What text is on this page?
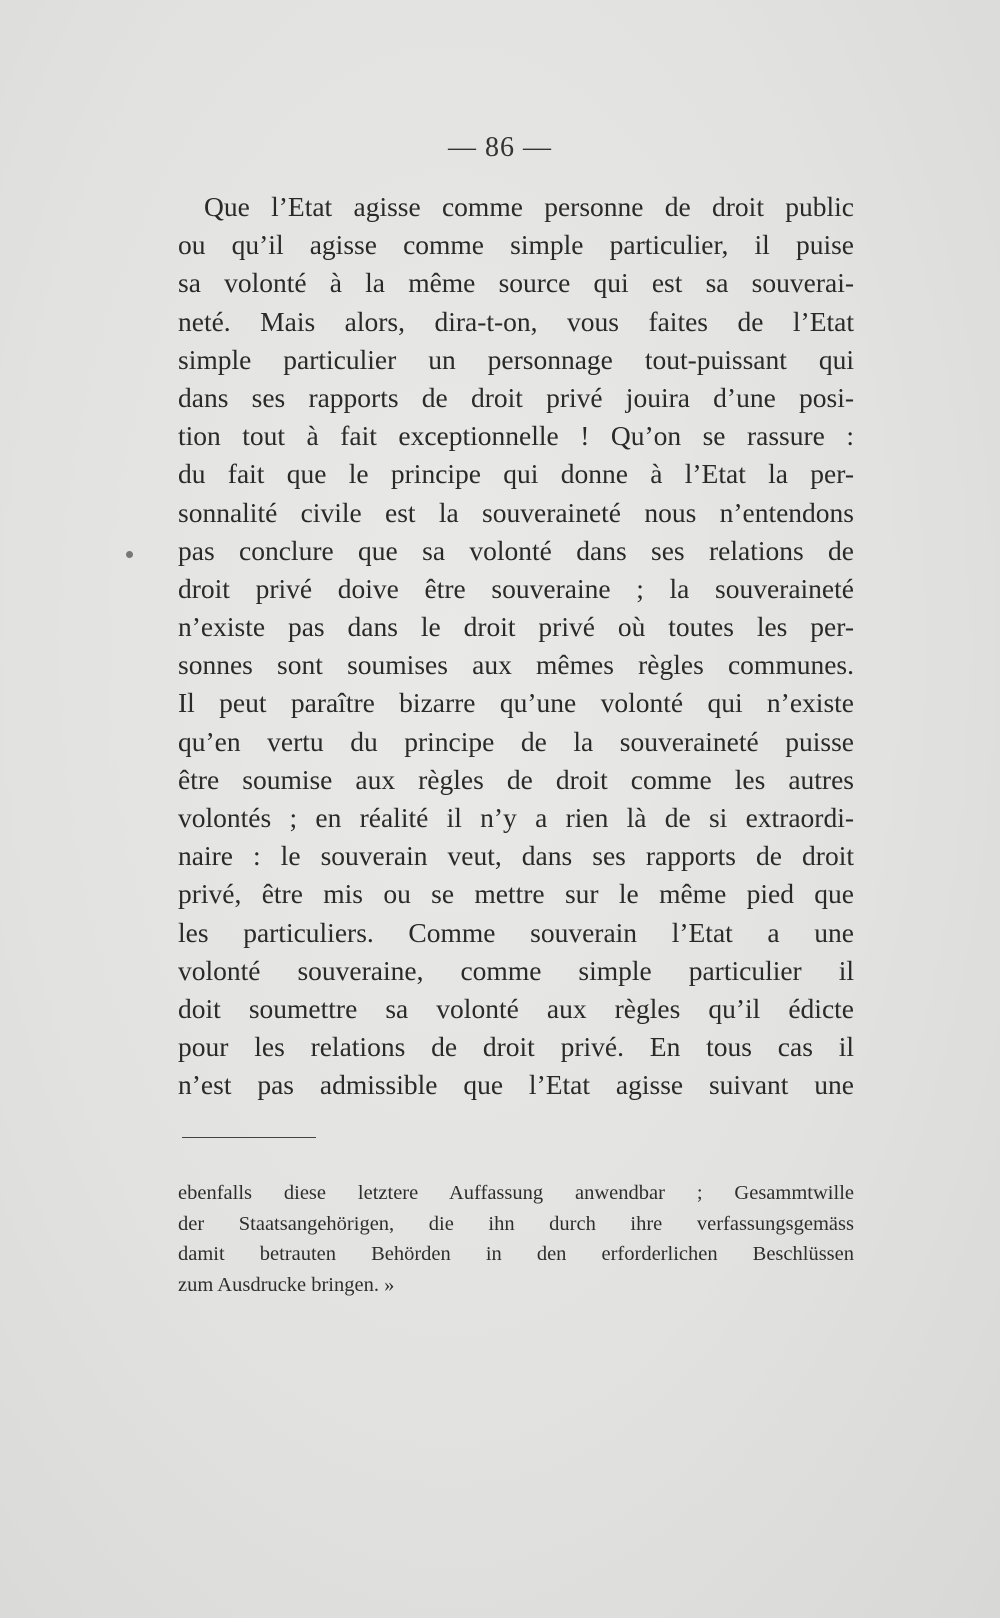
— 86 —
Que l’Etat agisse comme personne de droit public
ou qu’il agisse comme simple particulier, il puise
sa volonté à la même source qui est sa souverai-
neté. Mais alors, dira-t-on, vous faites de l’Etat
simple particulier un personnage tout-puissant qui
dans ses rapports de droit privé jouira d’une posi-
tion tout à fait exceptionnelle ! Qu’on se rassure :
du fait que le principe qui donne à l’Etat la per-
sonnalité civile est la souveraineté nous n’entendons
pas conclure que sa volonté dans ses relations de
droit privé doive être souveraine ; la souveraineté
n’existe pas dans le droit privé où toutes les per-
sonnes sont soumises aux mêmes règles communes.
Il peut paraître bizarre qu’une volonté qui n’existe
qu’en vertu du principe de la souveraineté puisse
être soumise aux règles de droit comme les autres
volontés ; en réalité il n’y a rien là de si extraordi-
naire : le souverain veut, dans ses rapports de droit
privé, être mis ou se mettre sur le même pied que
les particuliers. Comme souverain l’Etat a une
volonté souveraine, comme simple particulier il
doit soumettre sa volonté aux règles qu’il édicte
pour les relations de droit privé. En tous cas il
n’est pas admissible que l’Etat agisse suivant une
ebenfalls diese letztere Auffassung anwendbar ; Gesammtwille
der Staatsangehörigen, die ihn durch ihre verfassungsgemäss
damit betrauten Behörden in den erforderlichen Beschlüssen
zum Ausdrucke bringen. »
